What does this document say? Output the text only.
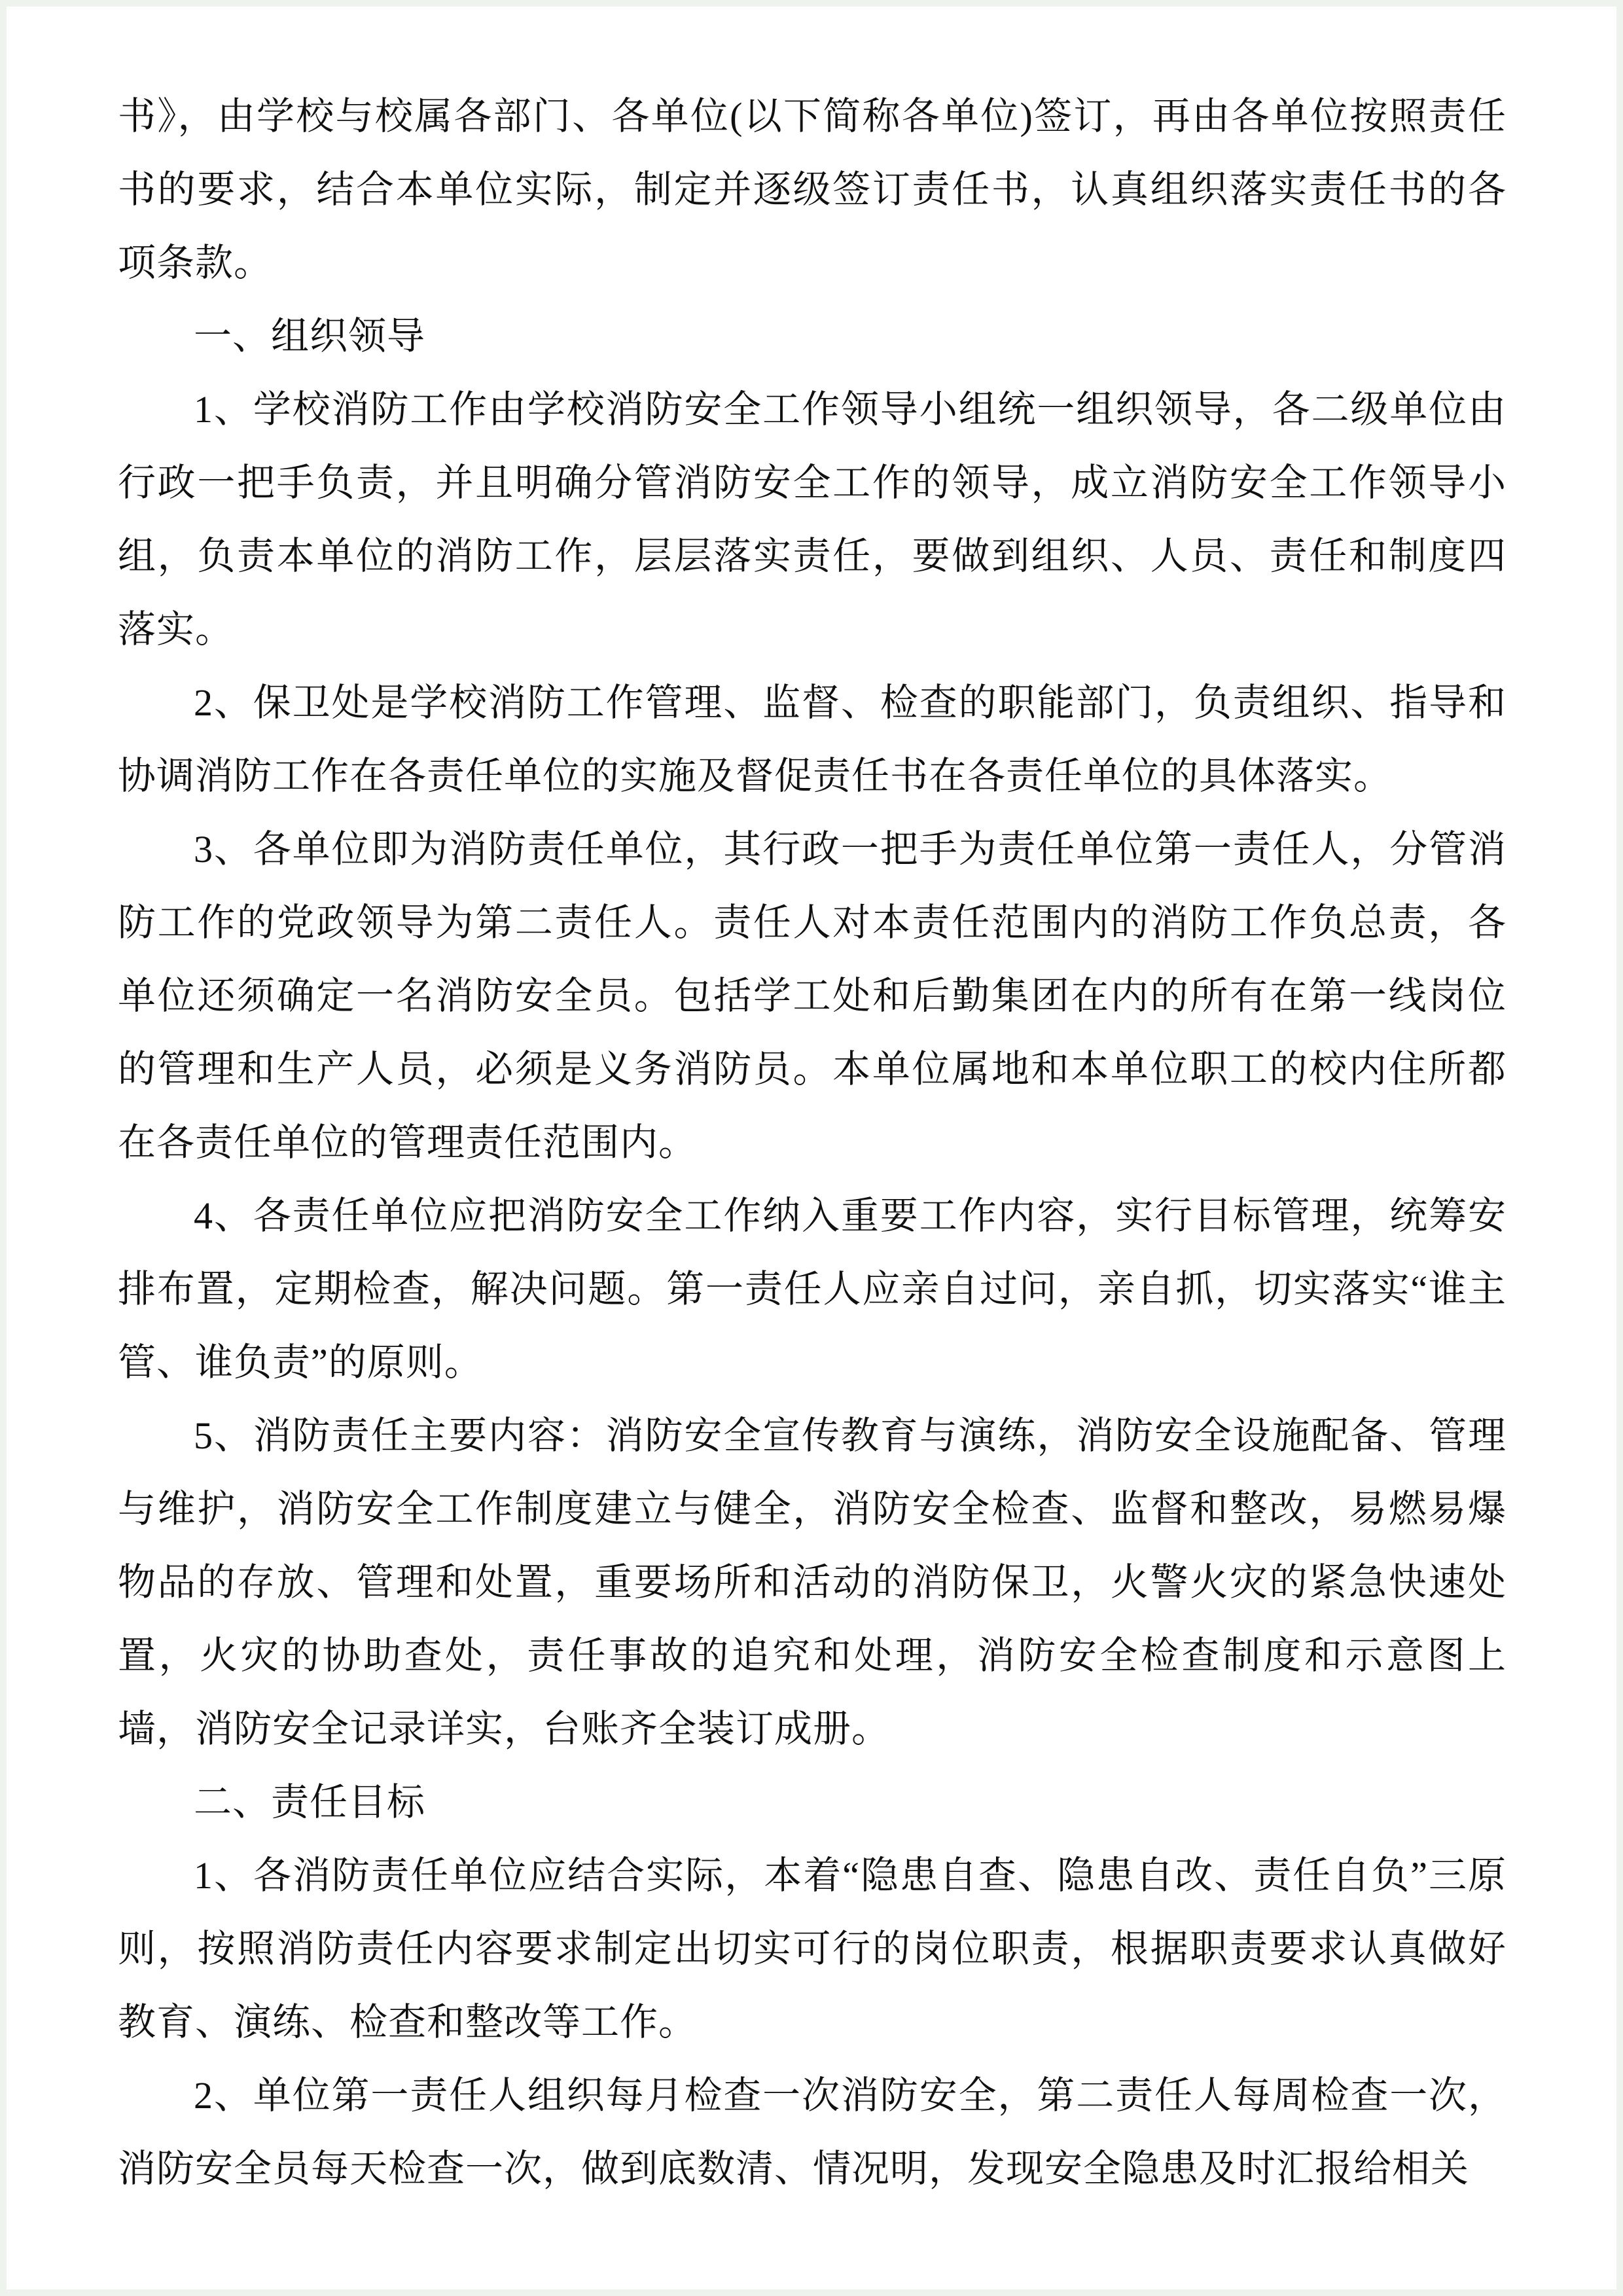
书》，由学校与校属各部门、各单位(以下简称各单位)签订，再由各单位按照责任书的要求，结合本单位实际，制定并逐级签订责任书，认真组织落实责任书的各项条款。

一、组织领导

1、学校消防工作由学校消防安全工作领导小组统一组织领导，各二级单位由行政一把手负责，并且明确分管消防安全工作的领导，成立消防安全工作领导小组，负责本单位的消防工作，层层落实责任，要做到组织、人员、责任和制度四落实。

2、保卫处是学校消防工作管理、监督、检查的职能部门，负责组织、指导和协调消防工作在各责任单位的实施及督促责任书在各责任单位的具体落实。

3、各单位即为消防责任单位，其行政一把手为责任单位第一责任人，分管消防工作的党政领导为第二责任人。责任人对本责任范围内的消防工作负总责，各单位还须确定一名消防安全员。包括学工处和后勤集团在内的所有在第一线岗位的管理和生产人员，必须是义务消防员。本单位属地和本单位职工的校内住所都在各责任单位的管理责任范围内。

4、各责任单位应把消防安全工作纳入重要工作内容，实行目标管理，统筹安排布置，定期检查，解决问题。第一责任人应亲自过问，亲自抓，切实落实“谁主管、谁负责”的原则。

5、消防责任主要内容：消防安全宣传教育与演练，消防安全设施配备、管理与维护，消防安全工作制度建立与健全，消防安全检查、监督和整改，易燃易爆物品的存放、管理和处置，重要场所和活动的消防保卫，火警火灾的紧急快速处置，火灾的协助查处，责任事故的追究和处理，消防安全检查制度和示意图上墙，消防安全记录详实，台账齐全装订成册。

二、责任目标

1、各消防责任单位应结合实际，本着“隐患自查、隐患自改、责任自负”三原则，按照消防责任内容要求制定出切实可行的岗位职责，根据职责要求认真做好教育、演练、检查和整改等工作。

2、单位第一责任人组织每月检查一次消防安全，第二责任人每周检查一次，消防安全员每天检查一次，做到底数清、情况明，发现安全隐患及时汇报给相关
